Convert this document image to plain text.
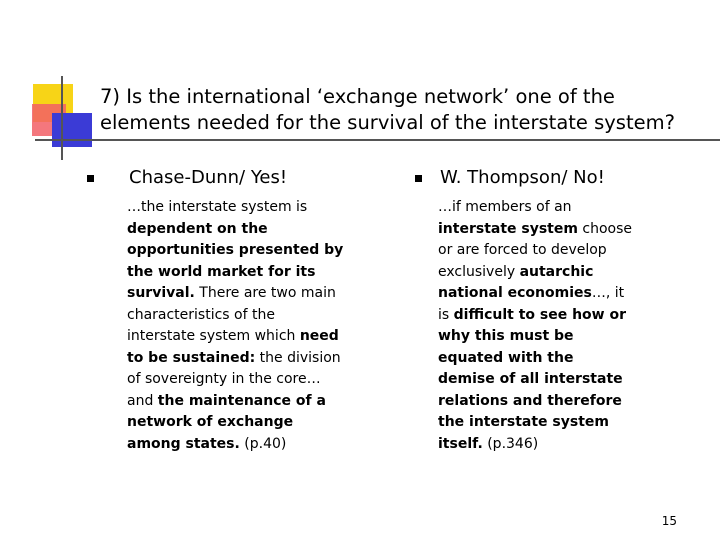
7) Is the international ‘exchange network’ one of the
elements needed for the survival of the interstate system?
Chase-Dunn/ Yes!	W. Thompson/ No!
…the interstate system is
dependent on the
opportunities presented by
the world market for its
survival. There are two main
characteristics of the
interstate system which need
to be sustained: the division
of sovereignty in the core…
and the maintenance of a
network of exchange
among states. (p.40)
…if members of an
interstate system choose
or are forced to develop
exclusively autarchic
national economies…, it
is difficult to see how or
why this must be
equated with the
demise of all interstate
relations and therefore
the interstate system
itself. (p.346)
15
